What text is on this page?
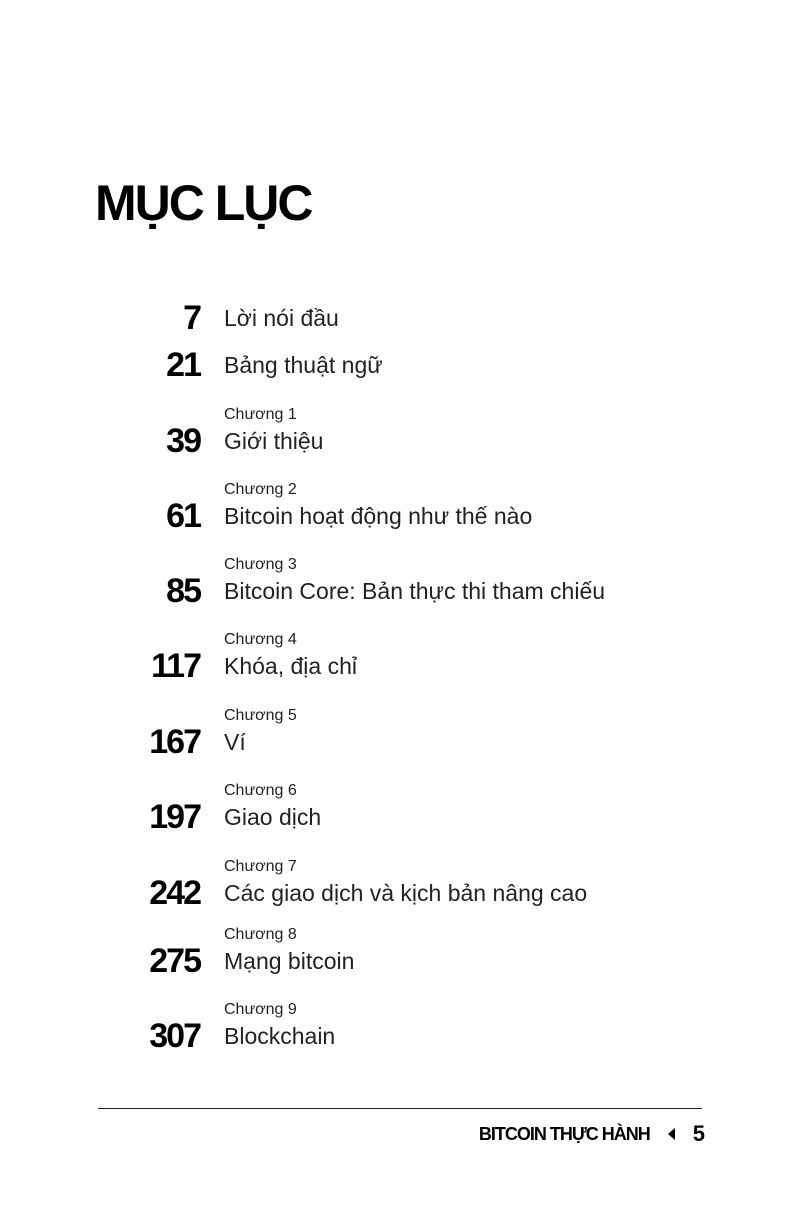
MỤC LỤC
7 Lời nói đầu
21 Bảng thuật ngữ
39
Chương 1
Giới thiệu
61
Chương 2
Bitcoin hoạt động như thế nào
85
Chương 3
Bitcoin Core: Bản thực thi tham chiếu
117
Chương 4
Khóa, địa chỉ
167
Chương 5
Ví
197
Chương 6
Giao dịch
242
Chương 7
Các giao dịch và kịch bản nâng cao
275
Chương 8
Mạng bitcoin
307
Chương 9
Blockchain
BITCOIN THỰC HÀNH 5
